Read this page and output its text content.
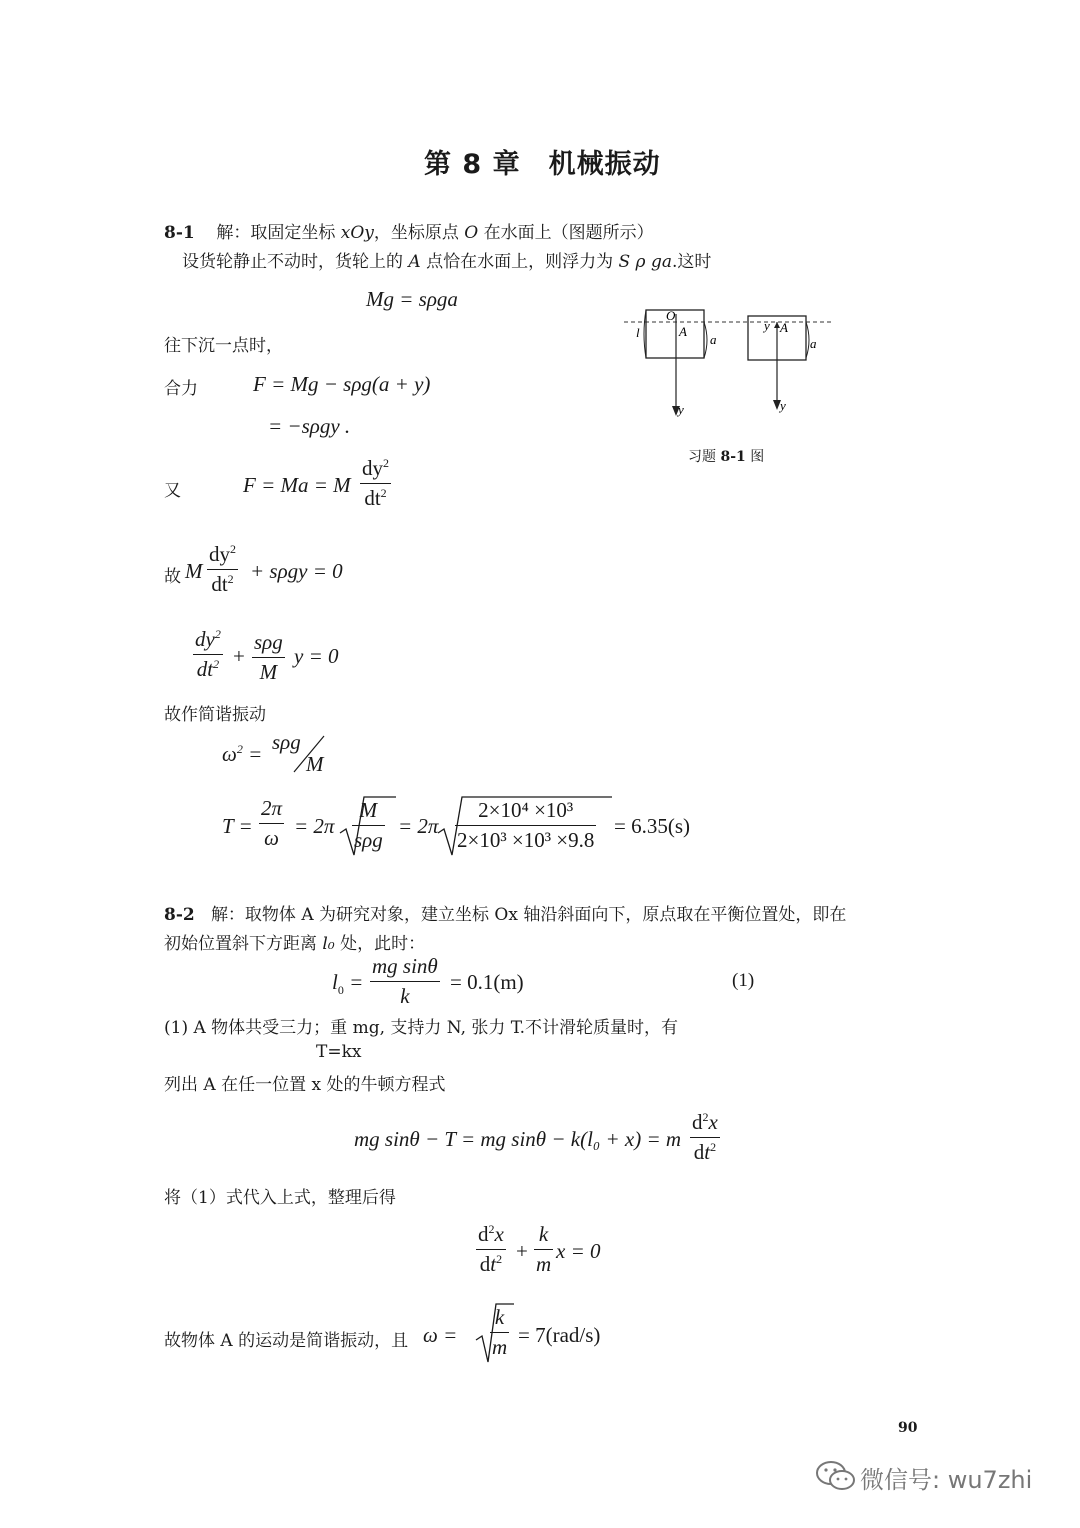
第 8 章　机械振动
8-1 解：取固定坐标 xOy，坐标原点 O 在水面上（图题所示）
设货轮静止不动时，货轮上的 A 点恰在水面上，则浮力为 S ρ ga.这时
Mg = sρga
往下沉一点时，
合力	F = Mg − sρg(a + y)
= −sρgy .
又	F = Ma = M
$dy^2$
$dt^2$
故 M
$dy^2$
$dt^2 + s\rho gy = 0$
$dy^2$
$dt^2$ +
sρg
M
y = 0
故作简谐振动
$\omega^2 = s\rho g$
M
T =
2π
ω = 2π
M
sρg
= 2π
2×10⁴ ×10³
2×10³ ×10³ ×9.8
= 6.35(s)
O
A
l	a
y
y A
a
y
习题 8-1 图
8-2 解：取物体 A 为研究对象，建立坐标 Ox 轴沿斜面向下，原点取在平衡位置处，即在
初始位置斜下方距离 l₀ 处，此时：
$l_0$ =
mg sinθ
k
= 0.1(m)	(1)
(1) A 物体共受三力；重 mg, 支持力 N, 张力 T.不计滑轮质量时，有
T=kx
列出 A 在任一位置 x 处的牛顿方程式
mg sinθ − T = mg sinθ − k(l₀ + x) = m
$d^2x$
$dt^2$
将（1）式代入上式，整理后得
$d^2x$
$dt^2$ +
k
m
x = 0
故物体 A 的运动是简谐振动，且 ω =
k
m = 7(rad/s)
90
微信号: wu7zhi
